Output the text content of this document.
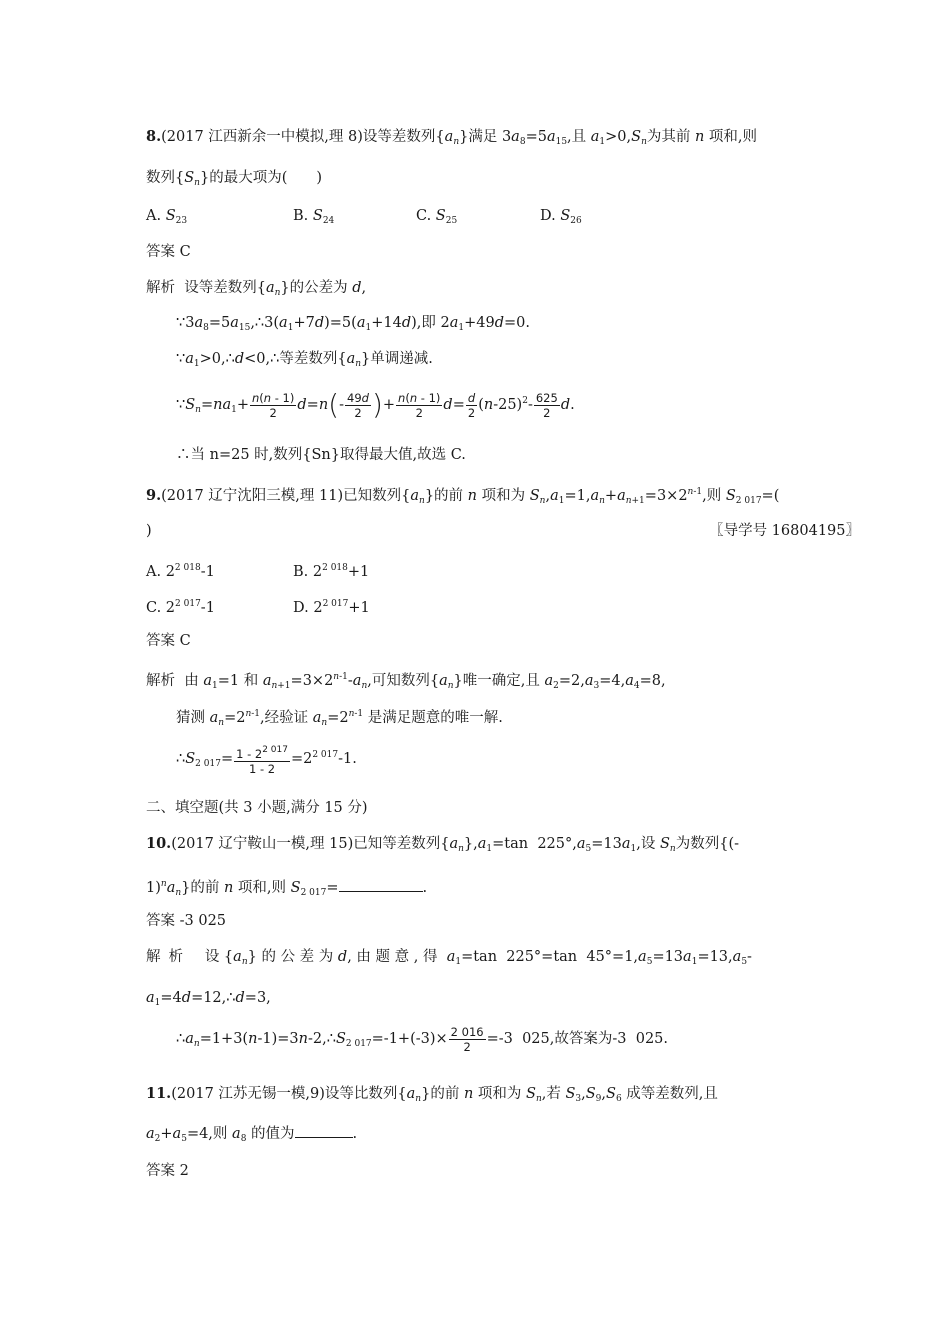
8.(2017 江西新余一中模拟,理 8)设等差数列$\{a_n\}$满足 $3a_8=5a_{15}$,且 $a_1>0,S_n$为其前 n 项和,则
数列$\{S_n\}$的最大项为(　　)
A. $S_{23}$	B. $S_{24}$	C. $S_{25}$	D. $S_{26}$
答案 C
解析  设等差数列$\{a_n\}$的公差为 d,
$\because 3a_8=5a_{15},\therefore 3(a_1+7d)=5(a_1+14d)$,即 $2a_1+49d=0$.
$\because a_1>0,\therefore d<0,\therefore$等差数列$\{a_n\}$单调递减.
$\because S_n=na_1+ \frac{n(n - 1)}{2} d=n(- \frac{49d}{2}$ )+ $\frac{n(n - 1)}{2} d= \frac{d}{2} (n-25)^2- \frac{625}{2} d$.
∴当 n=25 时,数列{Sn}取得最大值,故选 C.
9.(2017 辽宁沈阳三模,理 11)已知数列$\{a_n\}$的前 n 项和为 $S_n,a_1=1,a_n+a_{n+1}=3\times 2^{n-1}$,则 $S_{2 017}=$(
)	〖导学号 16804195〗
A. $2^{2 018}-1$	B. $2^{2 018}+1$
C. $2^{2 017}-1$	D. $2^{2 017}+1$
答案 C
解析  由 $a_1=1$ 和 $a_{n+1}=3\times 2^{n-1}-a_n$,可知数列$\{a_n\}$唯一确定,且 $a_2=2,a_3=4,a_4=8$,
猜测 $a_n=2^{n-1}$,经验证 $a_n=2^{n-1}$ 是满足题意的唯一解.
$\therefore S_{2 017}= \frac{1 - 2^{2 017}}{1 - 2} =2^{2 017}-1$.
二、填空题(共 3 小题,满分 15 分)
10.(2017 辽宁鞍山一模,理 15)已知等差数列$\{a_n\},a_1=\tan$  $225^\circ,a_5=13a_1$,设 $S_n$为数列{(-
$1)^na_n$}的前 n 项和,则 $S_{2 017}=$	.
答案 -3 025
解析   设 $\{a_n\}$ 的 公 差 为 d, 由 题 意 , 得  $a_1=\tan$  225°=tan  $45^\circ=1,a_5=13a_1=13,a_5-$
$a_1=4d=12,\therefore d=3$,
$\therefore a_n=1+3(n-1)=3n-2,\therefore S_{2 017}=-1+(-3)\times \frac{2 016}{2} =-3$  025,故答案为-3  025.
11.(2017 江苏无锡一模,9)设等比数列$\{a_n\}$的前 n 项和为 $S_n$,若 $S_3,S_9,S_6$ 成等差数列,且
$a_2+a_5=4$,则 $a_8$ 的值为	.
答案 2
